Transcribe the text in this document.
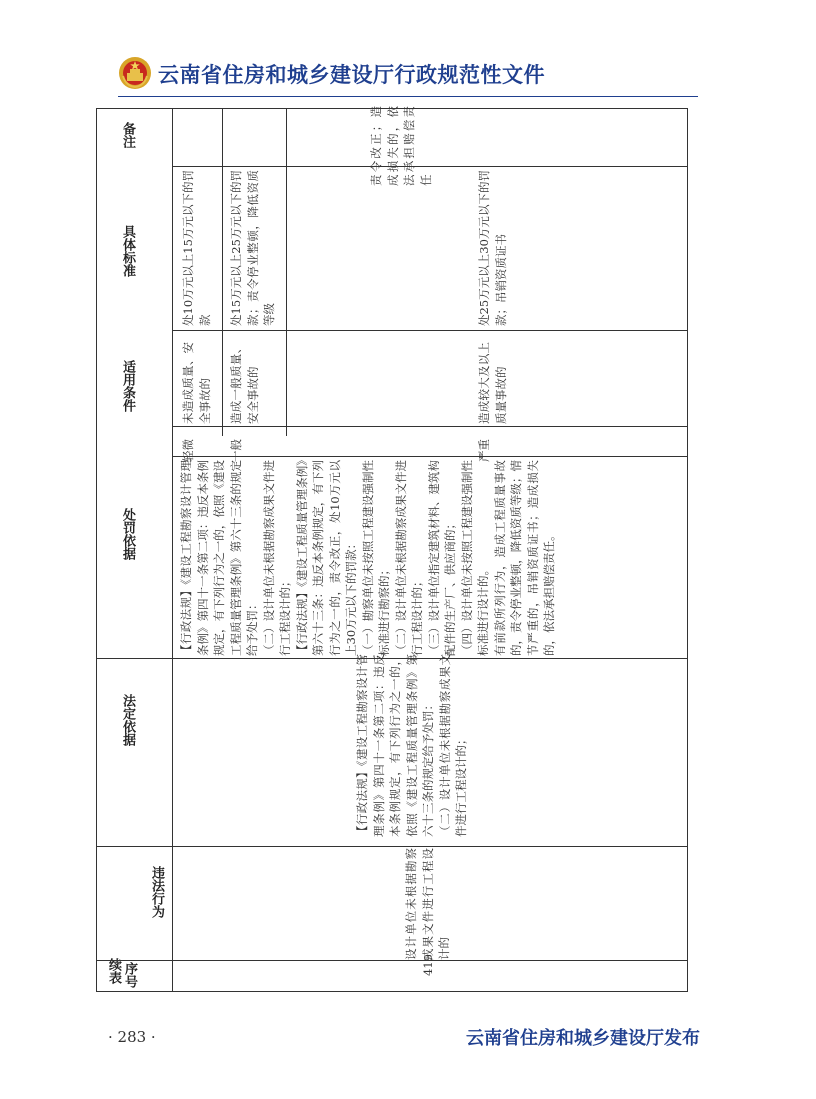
云南省住房和城乡建设厅行政规范性文件
序号
违法行为
法定依据
处罚依据
适用条件
具体标准
备注
续表	419
设计单位未根据勘察成果文件进行工程设计的

【行政法规】《建设工程勘察设计管理条例》第四十一条第二项：违反本条例规定，有下列行为之一的，依照《建设工程质量管理条例》第六十三条的规定给予处罚： （二）设计单位未根据勘察成果文件进行工程设计的；

【行政法规】《建设工程勘察设计管理条例》第四十一条第二项：违反本条例规定，有下列行为之一的，依照《建设工程质量管理条例》第六十三条的规定给予处罚： （二）设计单位未根据勘察成果文件进行工程设计的； 【行政法规】《建设工程质量管理条例》第六十三条：违反本条例规定，有下列行为之一的，责令改正，处10万元以上30万元以下的罚款： （一）勘察单位未按照工程建设强制性标准进行勘察的； （二）设计单位未根据勘察成果文件进行工程设计的； （三）设计单位指定建筑材料、建筑构配件的生产厂、供应商的； （四）设计单位未按照工程建设强制性标准进行设计的。 有前款所列行为，造成工程质量事故的，责令停业整顿，降低资质等级；情节严重的，吊销资质证书；造成损失的，依法承担赔偿责任。

轻微
未造成质量、安全事故的
处10万元以上15万元以下的罚款
一般
造成一般质量、安全事故的
处15万元以上25万元以下的罚款；责令停业整顿，降低资质等级
严重
造成较大及以上质量事故的
处25万元以上30万元以下的罚款；吊销资质证书
责令改正；造成损失的，依法承担赔偿责任
· 283 ·	云南省住房和城乡建设厅发布
